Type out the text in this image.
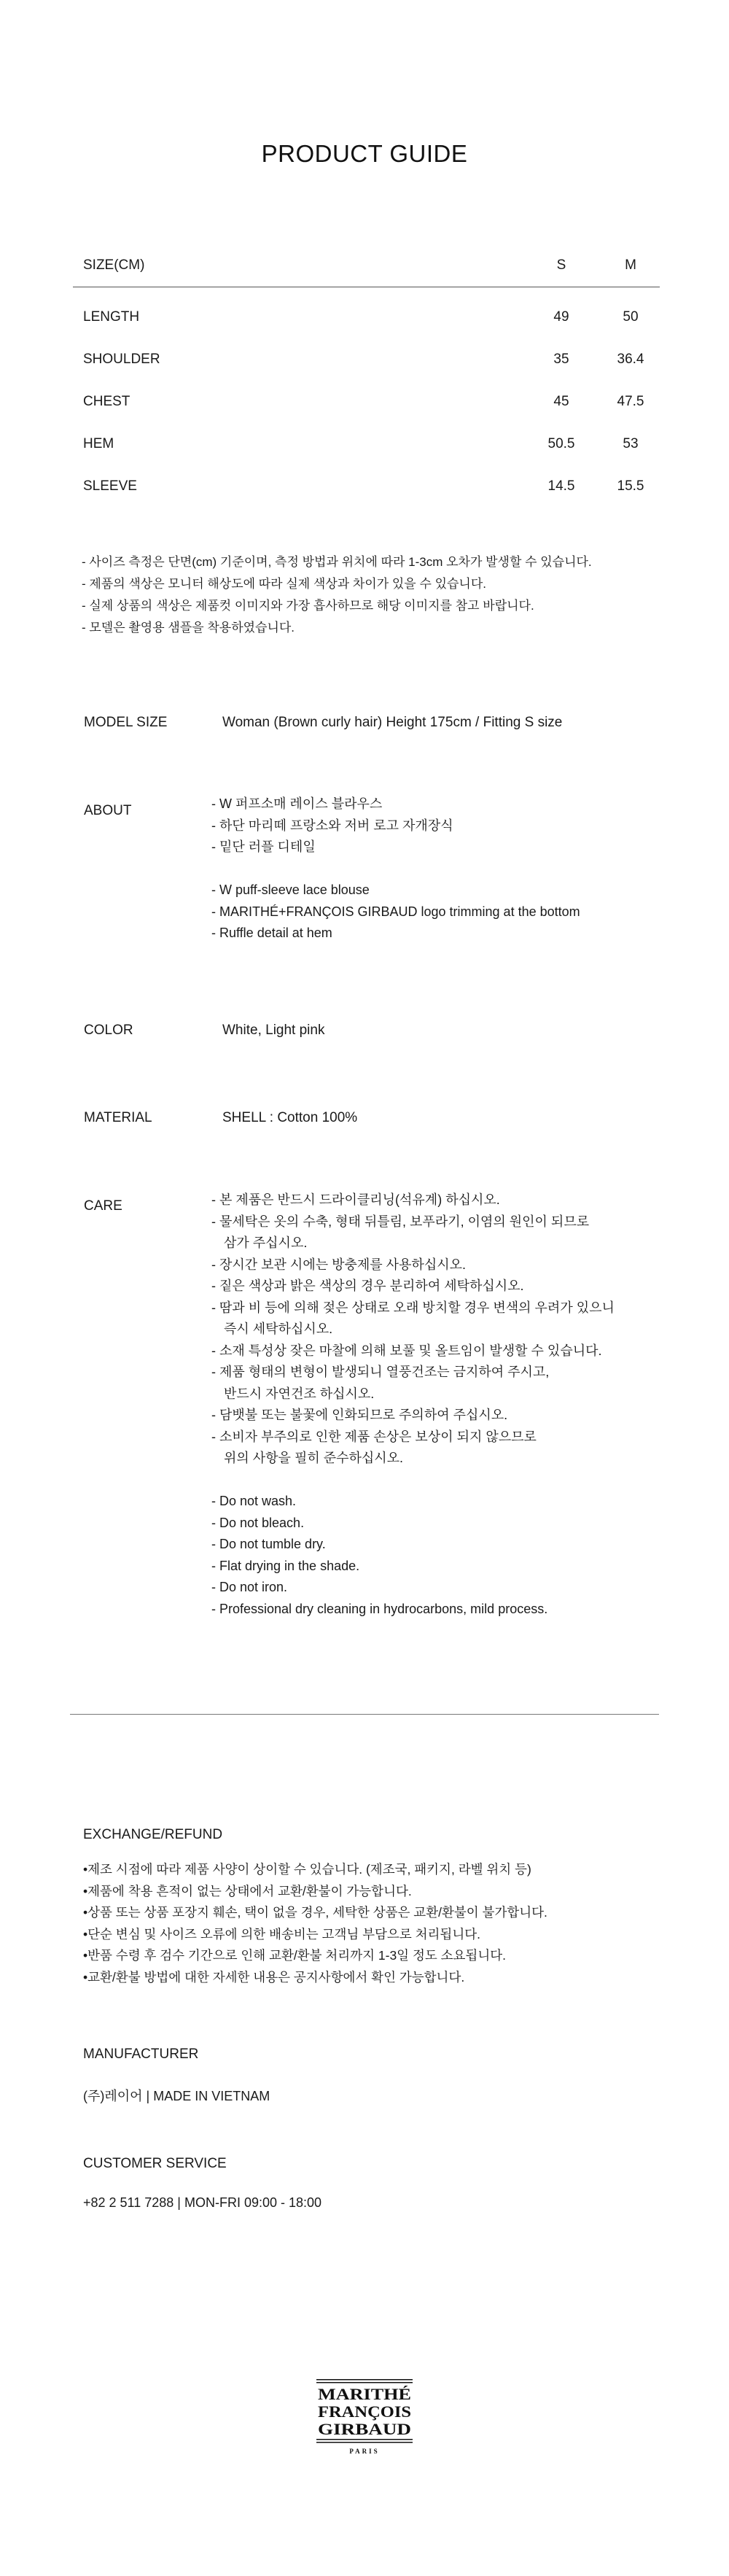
PRODUCT GUIDE
SIZE(CM)	S	M
LENGTH	49	50
SHOULDER	35	36.4
CHEST	45	47.5
HEM	50.5	53
SLEEVE	14.5	15.5
- 사이즈 측정은 단면(cm) 기준이며, 측정 방법과 위치에 따라 1-3cm 오차가 발생할 수 있습니다.
- 제품의 색상은 모니터 해상도에 따라 실제 색상과 차이가 있을 수 있습니다.
- 실제 상품의 색상은 제품컷 이미지와 가장 흡사하므로 해당 이미지를 참고 바랍니다.
- 모델은 촬영용 샘플을 착용하였습니다.
MODEL SIZE	Woman (Brown curly hair) Height 175cm / Fitting S size
ABOUT	- W 퍼프소매 레이스 블라우스
- 하단 마리떼 프랑소와 저버 로고 자개장식
- 밑단 러플 디테일
- W puff-sleeve lace blouse
- MARITHÉ+FRANÇOIS GIRBAUD logo trimming at the bottom
- Ruffle detail at hem
COLOR	White, Light pink
MATERIAL	SHELL : Cotton 100%
CARE	- 본 제품은 반드시 드라이클리닝(석유계) 하십시오.
- 물세탁은 옷의 수축, 형태 뒤틀림, 보푸라기, 이염의 원인이 되므로
삼가 주십시오.
- 장시간 보관 시에는 방충제를 사용하십시오.
- 짙은 색상과 밝은 색상의 경우 분리하여 세탁하십시오.
- 땀과 비 등에 의해 젖은 상태로 오래 방치할 경우 변색의 우려가 있으니
즉시 세탁하십시오.
- 소재 특성상 잦은 마찰에 의해 보풀 및 올트임이 발생할 수 있습니다.
- 제품 형태의 변형이 발생되니 열풍건조는 금지하여 주시고,
반드시 자연건조 하십시오.
- 담뱃불 또는 불꽃에 인화되므로 주의하여 주십시오.
- 소비자 부주의로 인한 제품 손상은 보상이 되지 않으므로
위의 사항을 필히 준수하십시오.
- Do not wash.
- Do not bleach.
- Do not tumble dry.
- Flat drying in the shade.
- Do not iron.
- Professional dry cleaning in hydrocarbons, mild process.
EXCHANGE/REFUND
•제조 시점에 따라 제품 사양이 상이할 수 있습니다. (제조국, 패키지, 라벨 위치 등)
•제품에 착용 흔적이 없는 상태에서 교환/환불이 가능합니다.
•상품 또는 상품 포장지 훼손, 택이 없을 경우, 세탁한 상품은 교환/환불이 불가합니다.
•단순 변심 및 사이즈 오류에 의한 배송비는 고객님 부담으로 처리됩니다.
•반품 수령 후 검수 기간으로 인해 교환/환불 처리까지 1-3일 정도 소요됩니다.
•교환/환불 방법에 대한 자세한 내용은 공지사항에서 확인 가능합니다.
MANUFACTURER
(주)레이어 | MADE IN VIETNAM
CUSTOMER SERVICE
+82 2 511 7288 | MON-FRI 09:00 - 18:00
MARITHÉ
FRANÇOIS
GIRBAUD
PARIS
